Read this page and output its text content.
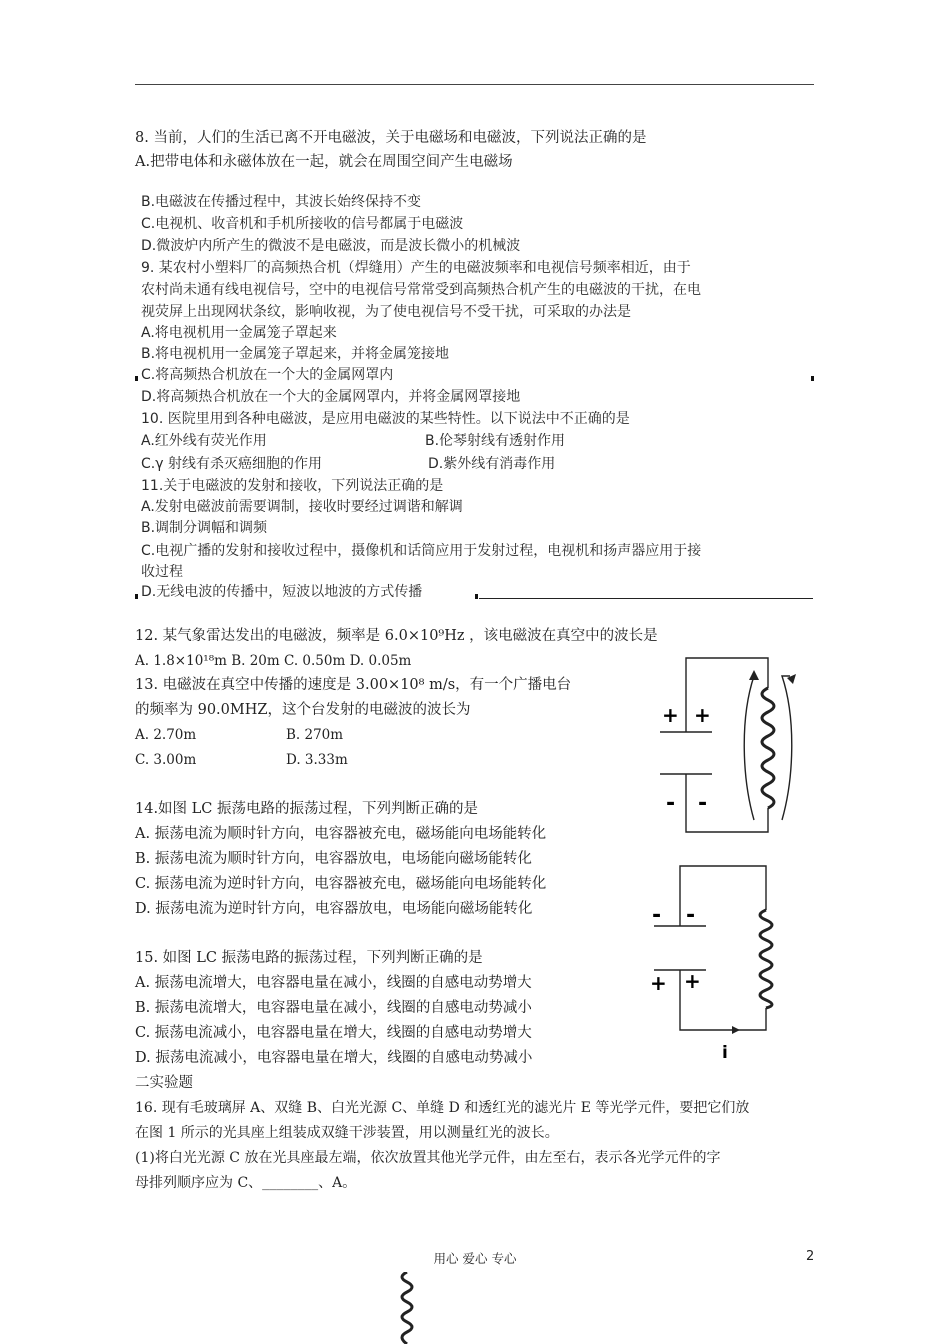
8. 当前，人们的生活已离不开电磁波，关于电磁场和电磁波，下列说法正确的是
A.把带电体和永磁体放在一起，就会在周围空间产生电磁场
B.电磁波在传播过程中，其波长始终保持不变
C.电视机、收音机和手机所接收的信号都属于电磁波
D.微波炉内所产生的微波不是电磁波，而是波长微小的机械波
9. 某农村小塑料厂的高频热合机（焊缝用）产生的电磁波频率和电视信号频率相近，由于
农村尚未通有线电视信号，空中的电视信号常常受到高频热合机产生的电磁波的干扰，在电
视荧屏上出现网状条纹，影响收视，为了使电视信号不受干扰，可采取的办法是
A.将电视机用一金属笼子罩起来
B.将电视机用一金属笼子罩起来，并将金属笼接地
C.将高频热合机放在一个大的金属网罩内
D.将高频热合机放在一个大的金属网罩内，并将金属网罩接地
10. 医院里用到各种电磁波，是应用电磁波的某些特性。以下说法中不正确的是
A.红外线有荧光作用	B.伦琴射线有透射作用
C.γ 射线有杀灭癌细胞的作用	D.紫外线有消毒作用
11.关于电磁波的发射和接收，下列说法正确的是
A.发射电磁波前需要调制，接收时要经过调谐和解调
B.调制分调幅和调频
C.电视广播的发射和接收过程中，摄像机和话筒应用于发射过程，电视机和扬声器应用于接
收过程
D.无线电波的传播中，短波以地波的方式传播
12. 某气象雷达发出的电磁波，频率是 6.0×10⁹Hz ，该电磁波在真空中的波长是
A. 1.8×10¹⁸m B. 20m C. 0.50m D. 0.05m
13. 电磁波在真空中传播的速度是 3.00×10⁸ m/s，有一个广播电台
的频率为 90.0MHZ，这个台发射的电磁波的波长为
A. 2.70m	B. 270m
C. 3.00m	D. 3.33m
14.如图 LC 振荡电路的振荡过程，下列判断正确的是
A. 振荡电流为顺时针方向，电容器被充电，磁场能向电场能转化
B. 振荡电流为顺时针方向，电容器放电，电场能向磁场能转化
C. 振荡电流为逆时针方向，电容器被充电，磁场能向电场能转化
D. 振荡电流为逆时针方向，电容器放电，电场能向磁场能转化
15. 如图 LC 振荡电路的振荡过程，下列判断正确的是
A. 振荡电流增大，电容器电量在减小，线圈的自感电动势增大
B. 振荡电流增大，电容器电量在减小，线圈的自感电动势减小
C. 振荡电流减小，电容器电量在增大，线圈的自感电动势增大
D. 振荡电流减小，电容器电量在增大，线圈的自感电动势减小
二实验题
16. 现有毛玻璃屏 A、双缝 B、白光光源 C、单缝 D 和透红光的滤光片 E 等光学元件，要把它们放
在图 1 所示的光具座上组装成双缝干涉装置，用以测量红光的波长。
(1)将白光光源 C 放在光具座最左端，依次放置其他光学元件，由左至右，表示各光学元件的字
母排列顺序应为 C、________、A。
+ +
- -
- -
+ +
i
用心 爱心 专心	2
